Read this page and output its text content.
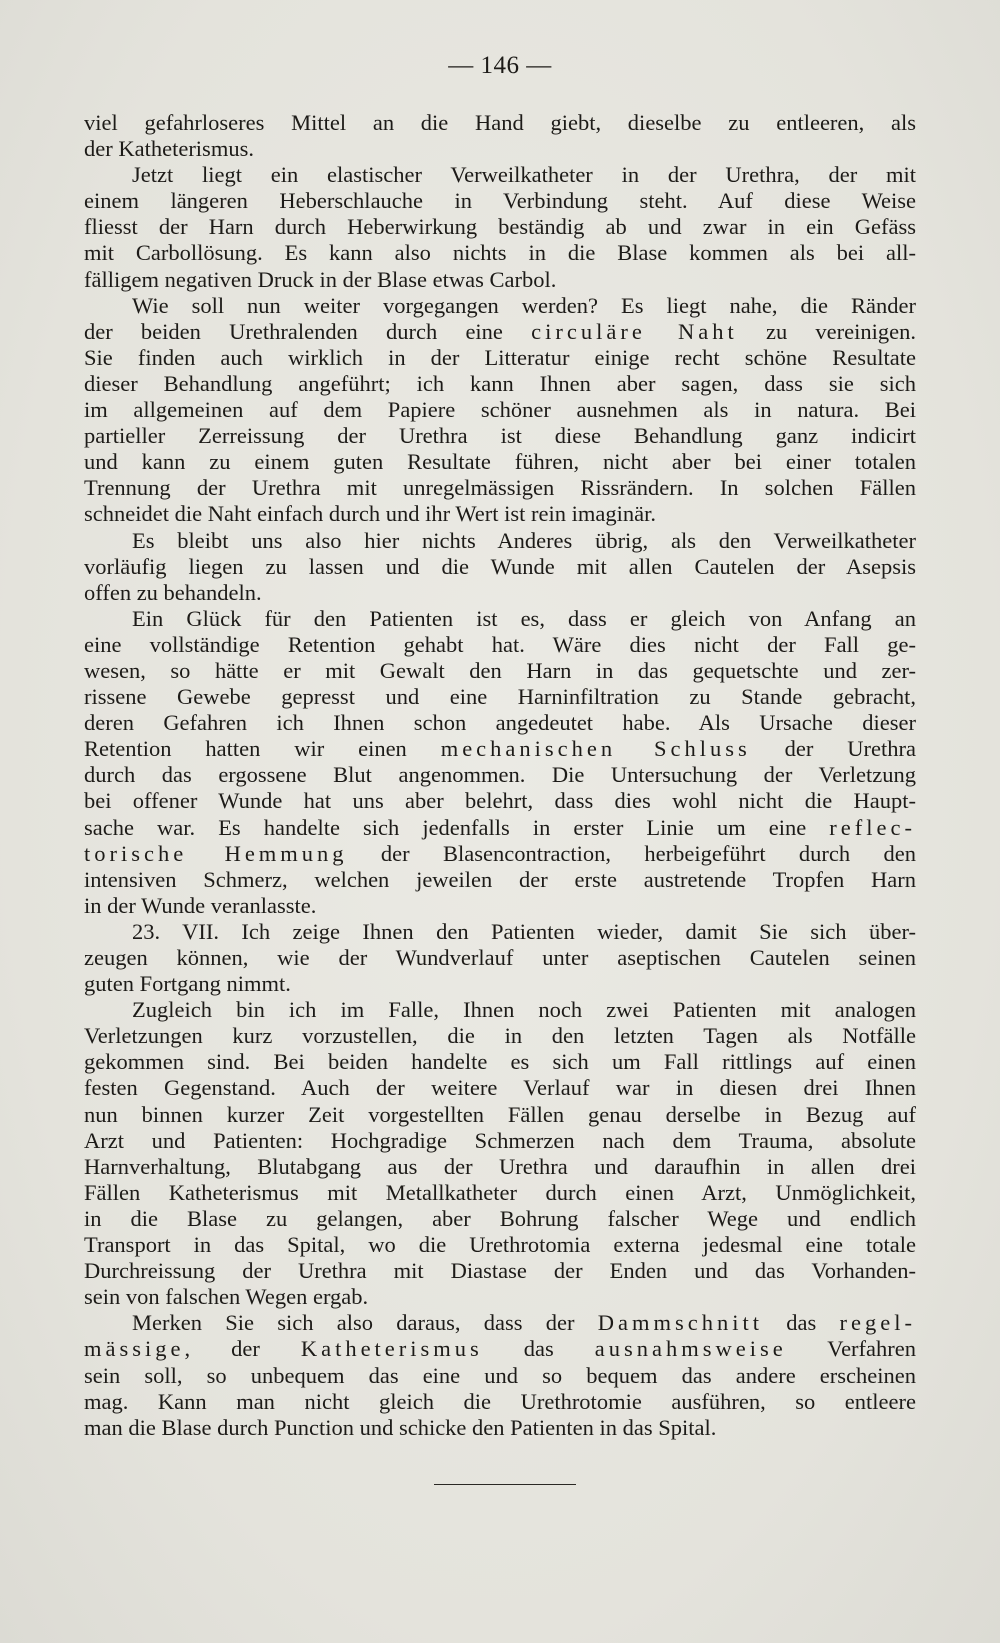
— 146 —
viel gefahrloseres Mittel an die Hand giebt, dieselbe zu entleeren, als
der Katheterismus.
Jetzt liegt ein elastischer Verweilkatheter in der Urethra, der mit
einem längeren Heberschlauche in Verbindung steht. Auf diese Weise
fliesst der Harn durch Heberwirkung beständig ab und zwar in ein Gefäss
mit Carbollösung. Es kann also nichts in die Blase kommen als bei all-
fälligem negativen Druck in der Blase etwas Carbol.
Wie soll nun weiter vorgegangen werden? Es liegt nahe, die Ränder
der beiden Urethralenden durch eine circuläre Naht zu vereinigen.
Sie finden auch wirklich in der Litteratur einige recht schöne Resultate
dieser Behandlung angeführt; ich kann Ihnen aber sagen, dass sie sich
im allgemeinen auf dem Papiere schöner ausnehmen als in natura. Bei
partieller Zerreissung der Urethra ist diese Behandlung ganz indicirt
und kann zu einem guten Resultate führen, nicht aber bei einer totalen
Trennung der Urethra mit unregelmässigen Rissrändern. In solchen Fällen
schneidet die Naht einfach durch und ihr Wert ist rein imaginär.
Es bleibt uns also hier nichts Anderes übrig, als den Verweilkatheter
vorläufig liegen zu lassen und die Wunde mit allen Cautelen der Asepsis
offen zu behandeln.
Ein Glück für den Patienten ist es, dass er gleich von Anfang an
eine vollständige Retention gehabt hat. Wäre dies nicht der Fall ge-
wesen, so hätte er mit Gewalt den Harn in das gequetschte und zer-
rissene Gewebe gepresst und eine Harninfiltration zu Stande gebracht,
deren Gefahren ich Ihnen schon angedeutet habe. Als Ursache dieser
Retention hatten wir einen mechanischen Schluss der Urethra
durch das ergossene Blut angenommen. Die Untersuchung der Verletzung
bei offener Wunde hat uns aber belehrt, dass dies wohl nicht die Haupt-
sache war. Es handelte sich jedenfalls in erster Linie um eine reflec-
torische Hemmung der Blasencontraction, herbeigeführt durch den
intensiven Schmerz, welchen jeweilen der erste austretende Tropfen Harn
in der Wunde veranlasste.
23. VII. Ich zeige Ihnen den Patienten wieder, damit Sie sich über-
zeugen können, wie der Wundverlauf unter aseptischen Cautelen seinen
guten Fortgang nimmt.
Zugleich bin ich im Falle, Ihnen noch zwei Patienten mit analogen
Verletzungen kurz vorzustellen, die in den letzten Tagen als Notfälle
gekommen sind. Bei beiden handelte es sich um Fall rittlings auf einen
festen Gegenstand. Auch der weitere Verlauf war in diesen drei Ihnen
nun binnen kurzer Zeit vorgestellten Fällen genau derselbe in Bezug auf
Arzt und Patienten: Hochgradige Schmerzen nach dem Trauma, absolute
Harnverhaltung, Blutabgang aus der Urethra und daraufhin in allen drei
Fällen Katheterismus mit Metallkatheter durch einen Arzt, Unmöglichkeit,
in die Blase zu gelangen, aber Bohrung falscher Wege und endlich
Transport in das Spital, wo die Urethrotomia externa jedesmal eine totale
Durchreissung der Urethra mit Diastase der Enden und das Vorhanden-
sein von falschen Wegen ergab.
Merken Sie sich also daraus, dass der Dammschnitt das regel-
mässige, der Katheterismus das ausnahmsweise Verfahren
sein soll, so unbequem das eine und so bequem das andere erscheinen
mag. Kann man nicht gleich die Urethrotomie ausführen, so entleere
man die Blase durch Punction und schicke den Patienten in das Spital.
